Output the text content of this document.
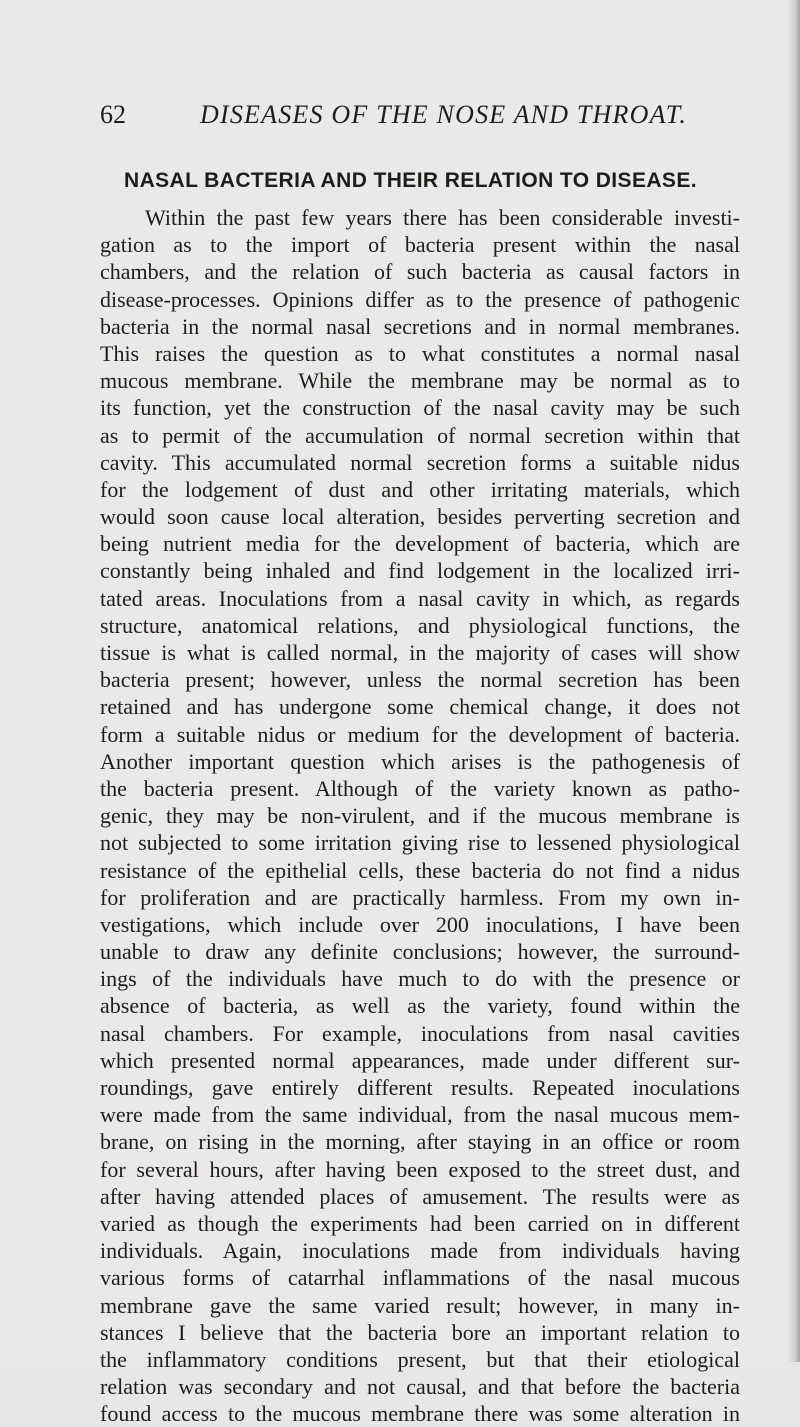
62	DISEASES OF THE NOSE AND THROAT.
NASAL BACTERIA AND THEIR RELATION TO DISEASE.
Within the past few years there has been considerable investi-
gation as to the import of bacteria present within the nasal
chambers, and the relation of such bacteria as causal factors in
disease-processes. Opinions differ as to the presence of pathogenic
bacteria in the normal nasal secretions and in normal membranes.
This raises the question as to what constitutes a normal nasal
mucous membrane. While the membrane may be normal as to
its function, yet the construction of the nasal cavity may be such
as to permit of the accumulation of normal secretion within that
cavity. This accumulated normal secretion forms a suitable nidus
for the lodgement of dust and other irritating materials, which
would soon cause local alteration, besides perverting secretion and
being nutrient media for the development of bacteria, which are
constantly being inhaled and find lodgement in the localized irri-
tated areas. Inoculations from a nasal cavity in which, as regards
structure, anatomical relations, and physiological functions, the
tissue is what is called normal, in the majority of cases will show
bacteria present; however, unless the normal secretion has been
retained and has undergone some chemical change, it does not
form a suitable nidus or medium for the development of bacteria.
Another important question which arises is the pathogenesis of
the bacteria present. Although of the variety known as patho-
genic, they may be non-virulent, and if the mucous membrane is
not subjected to some irritation giving rise to lessened physiological
resistance of the epithelial cells, these bacteria do not find a nidus
for proliferation and are practically harmless. From my own in-
vestigations, which include over 200 inoculations, I have been
unable to draw any definite conclusions; however, the surround-
ings of the individuals have much to do with the presence or
absence of bacteria, as well as the variety, found within the
nasal chambers. For example, inoculations from nasal cavities
which presented normal appearances, made under different sur-
roundings, gave entirely different results. Repeated inoculations
were made from the same individual, from the nasal mucous mem-
brane, on rising in the morning, after staying in an office or room
for several hours, after having been exposed to the street dust, and
after having attended places of amusement. The results were as
varied as though the experiments had been carried on in different
individuals. Again, inoculations made from individuals having
various forms of catarrhal inflammations of the nasal mucous
membrane gave the same varied result; however, in many in-
stances I believe that the bacteria bore an important relation to
the inflammatory conditions present, but that their etiological
relation was secondary and not causal, and that before the bacteria
found access to the mucous membrane there was some alteration in
